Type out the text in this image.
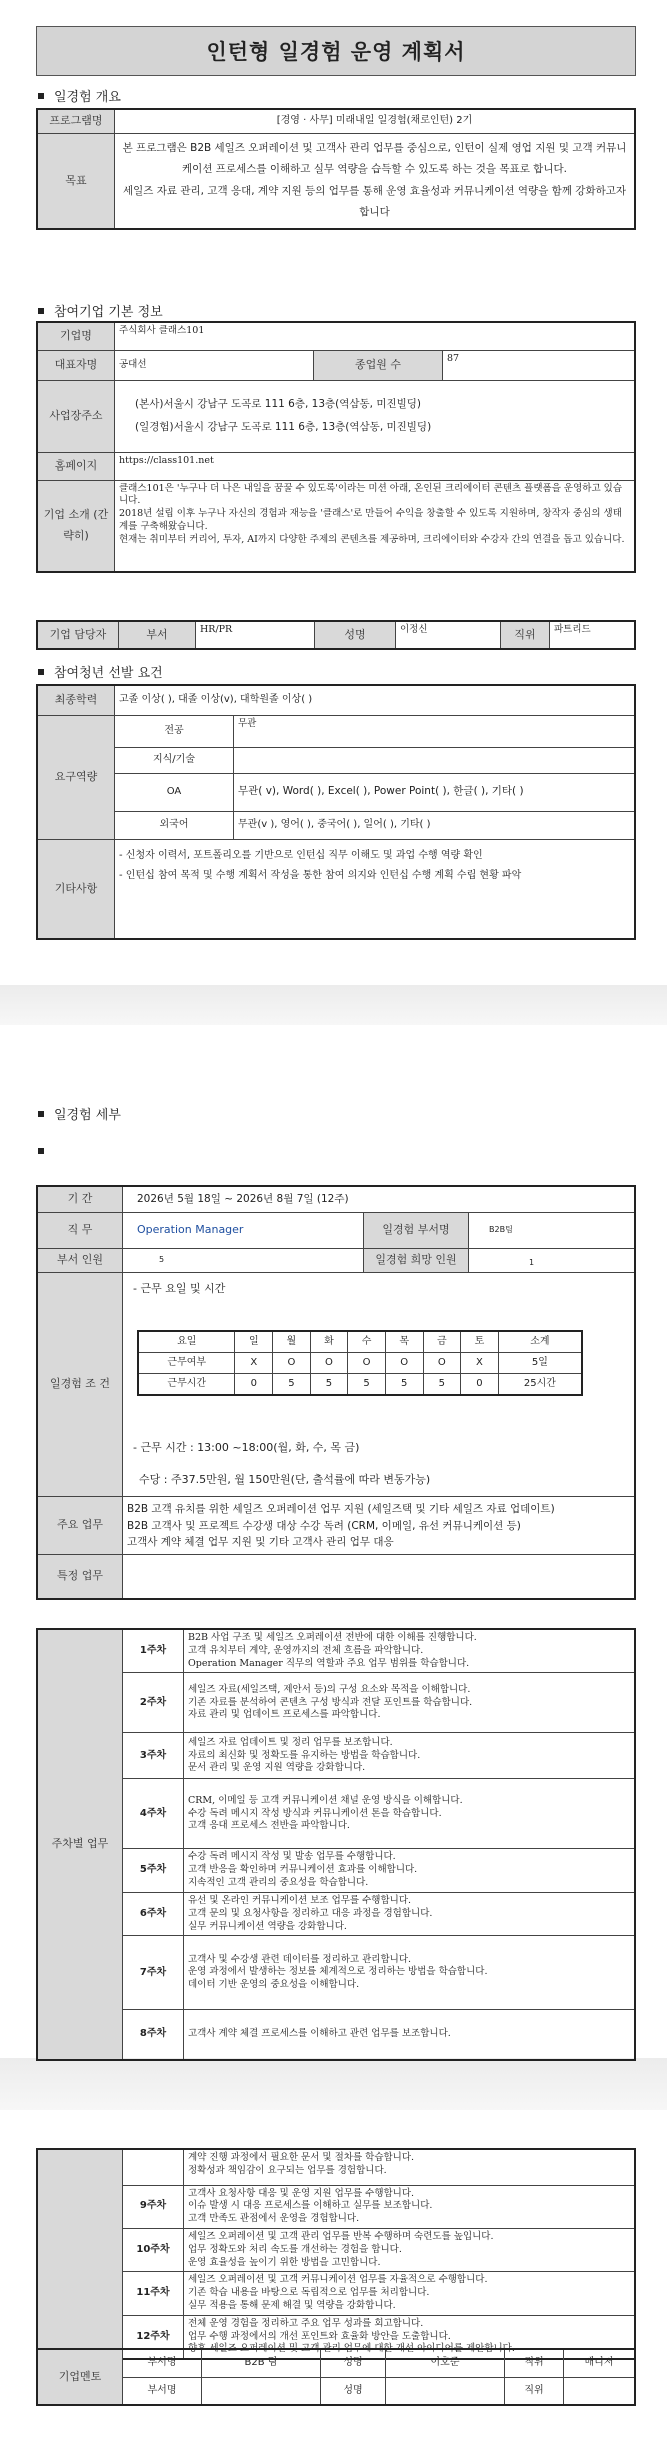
인턴형 일경험 운영 계획서
일경험 개요
프로그램명	[경영 · 사무] 미래내일 일경험(채로인턴) 2기
목표	본 프로그램은 B2B 세일즈 오퍼레이션 및 고객사 관리 업무를 중심으로, 인턴이 실제 영업 지원 및 고객 커뮤니케이션 프로세스를 이해하고 실무 역량을 습득할 수 있도록 하는 것을 목표로 합니다.
세일즈 자료 관리, 고객 응대, 계약 지원 등의 업무를 통해 운영 효율성과 커뮤니케이션 역량을 함께 강화하고자 합니다
참여기업 기본 정보
기업명	주식회사 클래스101		
대표자명	공대선	종업원 수	87
사업장주소	(본사)서울시 강남구 도곡로 111 6층, 13층(역삼동, 미진빌딩)
(일경험)서울시 강남구 도곡로 111 6층, 13층(역삼동, 미진빌딩)		

홈페이지	https://class101.net		
기업 소개 (간략히)	클래스101은 '누구나 더 나은 내일을 꿈꿀 수 있도록'이라는 미션 아래, 온인된 크리에이터 콘텐츠 플랫폼을 운영하고 있습니다.
2018년 설립 이후 누구나 자신의 경험과 재능을 '클래스'로 만들어 수익을 창출할 수 있도록 지원하며, 창작자 중심의 생태계를 구축해왔습니다.
현재는 취미부터 커리어, 투자, AI까지 다양한 주제의 콘텐츠를 제공하며, 크리에이터와 수강자 간의 연결을 돕고 있습니다.		
기업 담당자	부서	HR/PR	성명	이정신	직위	파트리드
참여청년 선발 요건
최종학력	고졸 이상( ), 대졸 이상(v), 대학원졸 이상( )	
요구역량	전공	무관
	지식/기술	
	OA	무관( v), Word( ), Excel( ), Power Point( ), 한글( ), 기타( )
	외국어	무관(v ), 영어( ), 중국어( ), 일어( ), 기타( )
기타사항	- 신청자 이력서, 포트폴리오를 기반으로 인턴십 직무 이해도 및 과업 수행 역량 확인
- 인턴십 참여 목적 및 수행 계획서 작성을 통한 참여 의지와 인턴십 수행 계획 수립 현황 파악	
일경험 세부
기 간	2026년 5월 18일 ~ 2026년 8월 7일 (12주)
직 무	Operation Manager	일경험 부서명	B2B팀
부서 인원	5	일경험 희망 인원	1
일경험 조 건	
- 근무 요일 및 시간
요일	일	월	화	수	목	금	토	소계
근무여부	X	O	O	O	O	O	X	5일
근무시간	0	5	5	5	5	5	0	25시간
- 근무 시간 : 13:00 ~18:00(월, 화, 수, 목 금)
수당 : 주37.5만원, 월 150만원(단, 출석률에 따라 변동가능)

주요 업무	
B2B 고객 유치를 위한 세일즈 오퍼레이션 업무 지원 (세일즈택 및 기타 세일즈 자료 업데이트)
B2B 고객사 및 프로젝트 수강생 대상 수강 독려 (CRM, 이메일, 유선 커뮤니케이션 등)
고객사 계약 체결 업무 지원 및 기타 고객사 관리 업무 대응

특정 업무	
주차별 업무	1주차	B2B 사업 구조 및 세일즈 오퍼레이션 전반에 대한 이해를 진행합니다.
고객 유치부터 계약, 운영까지의 전체 흐름을 파악합니다.
Operation Manager 직무의 역할과 주요 업무 범위를 학습합니다.
	2주차	세일즈 자료(세일즈택, 제안서 등)의 구성 요소와 목적을 이해합니다.
기존 자료를 분석하여 콘텐츠 구성 방식과 전달 포인트를 학습합니다.
자료 관리 및 업데이트 프로세스를 파악합니다.
	3주차	세일즈 자료 업데이트 및 정리 업무를 보조합니다.
자료의 최신화 및 정확도를 유지하는 방법을 학습합니다.
문서 관리 및 운영 지원 역량을 강화합니다.
	4주차	CRM, 이메일 등 고객 커뮤니케이션 채널 운영 방식을 이해합니다.
수강 독려 메시지 작성 방식과 커뮤니케이션 톤을 학습합니다.
고객 응대 프로세스 전반을 파악합니다.
	5주차	수강 독려 메시지 작성 및 발송 업무를 수행합니다.
고객 반응을 확인하며 커뮤니케이션 효과를 이해합니다.
지속적인 고객 관리의 중요성을 학습합니다.
	6주차	유선 및 온라인 커뮤니케이션 보조 업무를 수행합니다.
고객 문의 및 요청사항을 정리하고 대응 과정을 경험합니다.
실무 커뮤니케이션 역량을 강화합니다.
	7주차	고객사 및 수강생 관련 데이터를 정리하고 관리합니다.
운영 과정에서 발생하는 정보를 체계적으로 정리하는 방법을 학습합니다.
데이터 기반 운영의 중요성을 이해합니다.
	8주차	고객사 계약 체결 프로세스를 이해하고 관련 업무를 보조합니다.
		계약 진행 과정에서 필요한 문서 및 절차를 학습합니다.
정확성과 책임감이 요구되는 업무를 경험합니다.
	9주차	고객사 요청사항 대응 및 운영 지원 업무를 수행합니다.
이슈 발생 시 대응 프로세스를 이해하고 실무를 보조합니다.
고객 만족도 관점에서 운영을 경험합니다.
	10주차	세일즈 오퍼레이션 및 고객 관리 업무를 반복 수행하며 숙련도를 높입니다.
업무 정확도와 처리 속도를 개선하는 경험을 합니다.
운영 효율성을 높이기 위한 방법을 고민합니다.
	11주차	세일즈 오퍼레이션 및 고객 커뮤니케이션 업무를 자율적으로 수행합니다.
기존 학습 내용을 바탕으로 독립적으로 업무를 처리합니다.
실무 적용을 통해 문제 해결 및 역량을 강화합니다.
	12주차	전체 운영 경험을 정리하고 주요 업무 성과를 회고합니다.
업무 수행 과정에서의 개선 포인트와 효율화 방안을 도출합니다.
향후 세일즈 오퍼레이션 및 고객 관리 업무에 대한 개선 아이디어를 제안합니다.
기업멘토	부서명	B2B 팀	성명	이호준	직위	매니저
	부서명		성명		직위	
